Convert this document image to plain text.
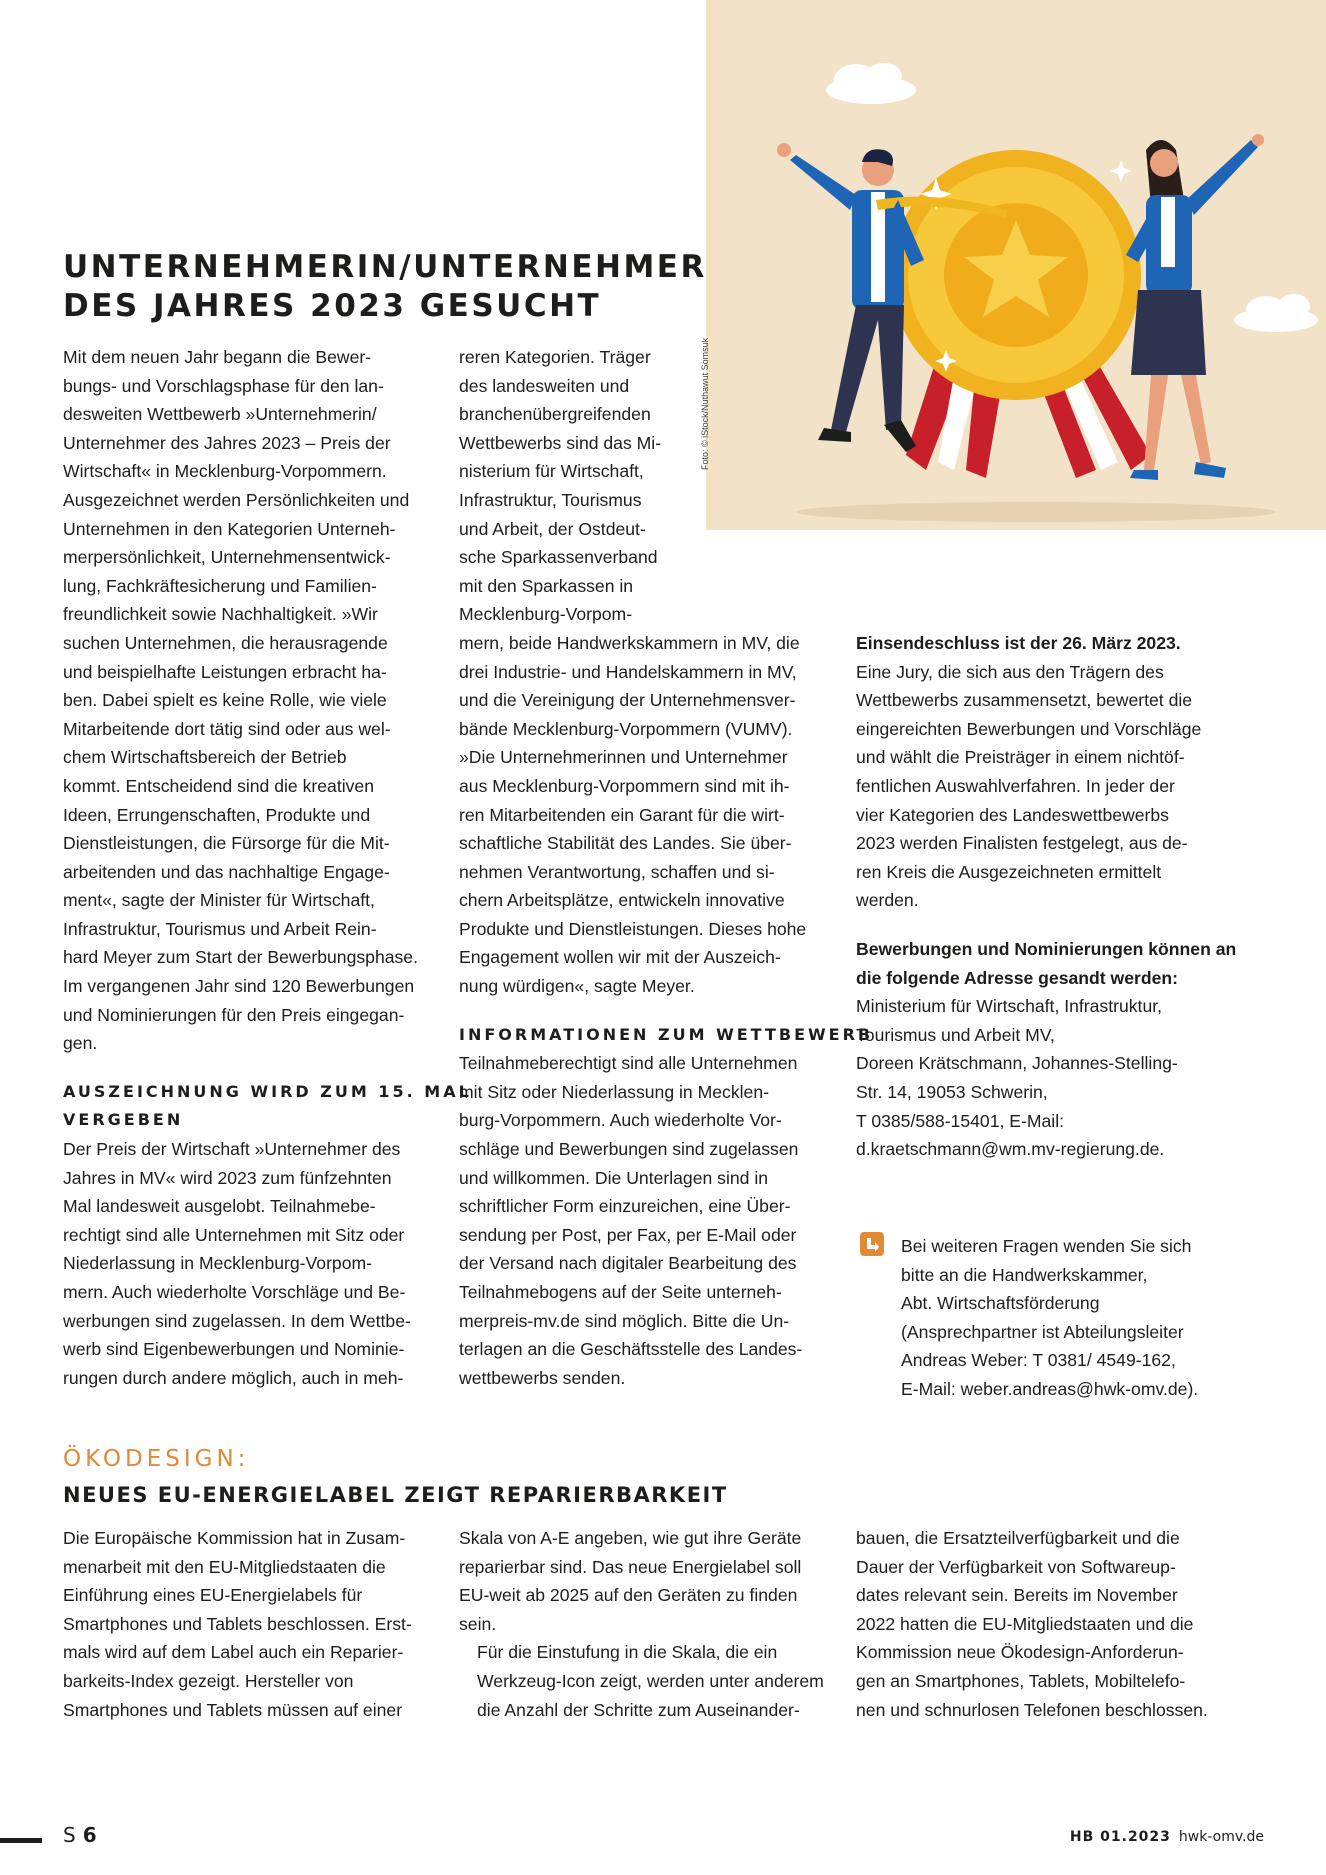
Foto: © iStock/Nuthawut Somsuk
UNTERNEHMERIN/UNTERNEHMER
DES JAHRES 2023 GESUCHT

Mit dem neuen Jahr begann die Bewer-
bungs- und Vorschlagsphase für den lan-
desweiten Wettbewerb »Unternehmerin/
Unternehmer des Jahres 2023 – Preis der
Wirtschaft« in Mecklenburg-Vorpommern.
Ausgezeichnet werden Persönlichkeiten und
Unternehmen in den Kategorien Unterneh-
merpersönlichkeit, Unternehmensentwick-
lung, Fachkräftesicherung und Familien-
freundlichkeit sowie Nachhaltigkeit. »Wir
suchen Unternehmen, die herausragende
und beispielhafte Leistungen erbracht ha-
ben. Dabei spielt es keine Rolle, wie viele
Mitarbeitende dort tätig sind oder aus wel-
chem Wirtschaftsbereich der Betrieb
kommt. Entscheidend sind die kreativen
Ideen, Errungenschaften, Produkte und
Dienstleistungen, die Fürsorge für die Mit-
arbeitenden und das nachhaltige Engage-
ment«, sagte der Minister für Wirtschaft,
Infrastruktur, Tourismus und Arbeit Rein-
hard Meyer zum Start der Bewerbungsphase.
Im vergangenen Jahr sind 120 Bewerbungen
und Nominierungen für den Preis eingegan-
gen.

AUSZEICHNUNG WIRD ZUM 15. MAL
VERGEBEN

Der Preis der Wirtschaft »Unternehmer des
Jahres in MV« wird 2023 zum fünfzehnten
Mal landesweit ausgelobt. Teilnahmebe-
rechtigt sind alle Unternehmen mit Sitz oder
Niederlassung in Mecklenburg-Vorpom-
mern. Auch wiederholte Vorschläge und Be-
werbungen sind zugelassen. In dem Wettbe-
werb sind Eigenbewerbungen und Nominie-
rungen durch andere möglich, auch in meh-

reren Kategorien. Träger
des landesweiten und
branchenübergreifenden
Wettbewerbs sind das Mi-
nisterium für Wirtschaft,
Infrastruktur, Tourismus
und Arbeit, der Ostdeut-
sche Sparkassenverband
mit den Sparkassen in
Mecklenburg-Vorpom-
mern, beide Handwerkskammern in MV, die
drei Industrie- und Handelskammern in MV,
und die Vereinigung der Unternehmensver-
bände Mecklenburg-Vorpommern (VUMV).
»Die Unternehmerinnen und Unternehmer
aus Mecklenburg-Vorpommern sind mit ih-
ren Mitarbeitenden ein Garant für die wirt-
schaftliche Stabilität des Landes. Sie über-
nehmen Verantwortung, schaffen und si-
chern Arbeitsplätze, entwickeln innovative
Produkte und Dienstleistungen. Dieses hohe
Engagement wollen wir mit der Auszeich-
nung würdigen«, sagte Meyer.

INFORMATIONEN ZUM WETTBEWERB

Teilnahmeberechtigt sind alle Unternehmen
mit Sitz oder Niederlassung in Mecklen-
burg-Vorpommern. Auch wiederholte Vor-
schläge und Bewerbungen sind zugelassen
und willkommen. Die Unterlagen sind in
schriftlicher Form einzureichen, eine Über-
sendung per Post, per Fax, per E-Mail oder
der Versand nach digitaler Bearbeitung des
Teilnahmebogens auf der Seite unterneh-
merpreis-mv.de sind möglich. Bitte die Un-
terlagen an die Geschäftsstelle des Landes-
wettbewerbs senden.

Einsendeschluss ist der 26. März 2023.

Eine Jury, die sich aus den Trägern des
Wettbewerbs zusammensetzt, bewertet die
eingereichten Bewerbungen und Vorschläge
und wählt die Preisträger in einem nichtöf-
fentlichen Auswahlverfahren. In jeder der
vier Kategorien des Landeswettbewerbs
2023 werden Finalisten festgelegt, aus de-
ren Kreis die Ausgezeichneten ermittelt
werden.

Bewerbungen und Nominierungen können an
die folgende Adresse gesandt werden:

Ministerium für Wirtschaft, Infrastruktur,
Tourismus und Arbeit MV,
Doreen Krätschmann, Johannes-Stelling-
Str. 14, 19053 Schwerin,
T 0385/588-15401, E-Mail:
d.kraetschmann@wm.mv-regierung.de.

Bei weiteren Fragen wenden Sie sich
bitte an die Handwerkskammer,
Abt. Wirtschaftsförderung
(Ansprechpartner ist Abteilungsleiter
Andreas Weber: T 0381/ 4549-162,
E-Mail: weber.andreas@hwk-omv.de).

ÖKODESIGN:

NEUES EU-ENERGIELABEL ZEIGT REPARIERBARKEIT

Die Europäische Kommission hat in Zusam-
menarbeit mit den EU-Mitgliedstaaten die
Einführung eines EU-Energielabels für
Smartphones und Tablets beschlossen. Erst-
mals wird auf dem Label auch ein Reparier-
barkeits-Index gezeigt. Hersteller von
Smartphones und Tablets müssen auf einer

Skala von A-E angeben, wie gut ihre Geräte
reparierbar sind. Das neue Energielabel soll
EU-weit ab 2025 auf den Geräten zu finden
sein.

Für die Einstufung in die Skala, die ein
Werkzeug-Icon zeigt, werden unter anderem
die Anzahl der Schritte zum Auseinander-

bauen, die Ersatzteilverfügbarkeit und die
Dauer der Verfügbarkeit von Softwareup-
dates relevant sein. Bereits im November
2022 hatten die EU-Mitgliedstaaten und die
Kommission neue Ökodesign-Anforderun-
gen an Smartphones, Tablets, Mobiltelefo-
nen und schnurlosen Telefonen beschlossen.

S 6	HB 01.2023 hwk-omv.de
